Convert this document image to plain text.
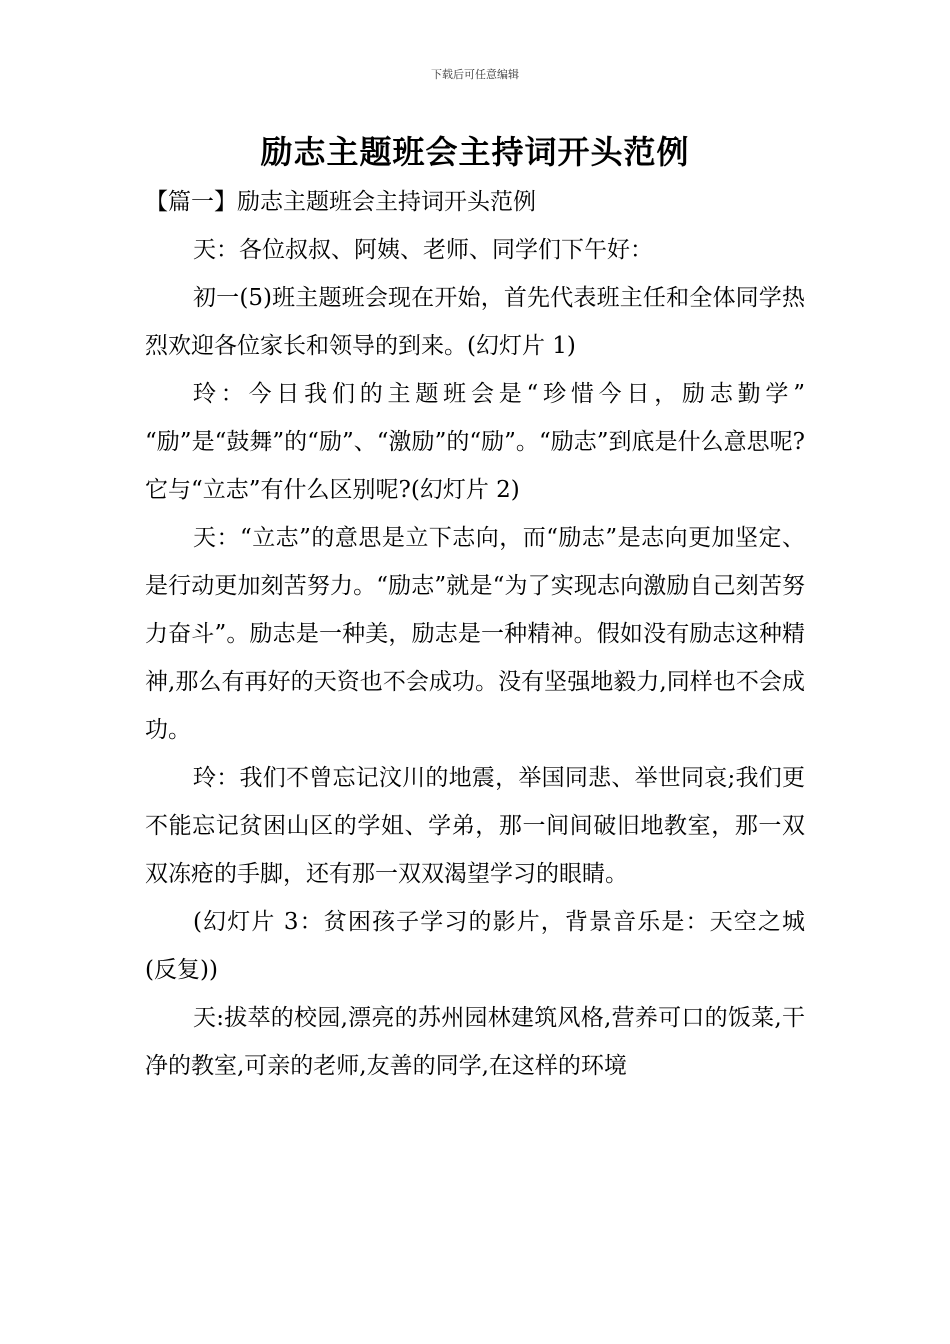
下载后可任意编辑
励志主题班会主持词开头范例

【篇一】励志主题班会主持词开头范例

天：各位叔叔、阿姨、老师、同学们下午好：

初一(5)班主题班会现在开始，首先代表班主任和全体同学热烈欢迎各位家长和领导的到来。(幻灯片 1)

玲：今日我们的主题班会是“珍惜今日，励志勤学” “励”是“鼓舞”的“励”、“激励”的“励”。“励志”到底是什么意思呢?它与“立志”有什么区别呢?(幻灯片 2)

天：“立志”的意思是立下志向，而“励志”是志向更加坚定、是行动更加刻苦努力。“励志”就是“为了实现志向激励自己刻苦努力奋斗”。励志是一种美，励志是一种精神。假如没有励志这种精神,那么有再好的天资也不会成功。没有坚强地毅力,同样也不会成功。

玲：我们不曾忘记汶川的地震，举国同悲、举世同哀;我们更不能忘记贫困山区的学姐、学弟，那一间间破旧地教室，那一双双冻疮的手脚，还有那一双双渴望学习的眼睛。

(幻灯片 3：贫困孩子学习的影片，背景音乐是：天空之城(反复))

天:拔萃的校园,漂亮的苏州园林建筑风格,营养可口的饭菜,干净的教室,可亲的老师,友善的同学,在这样的环境
